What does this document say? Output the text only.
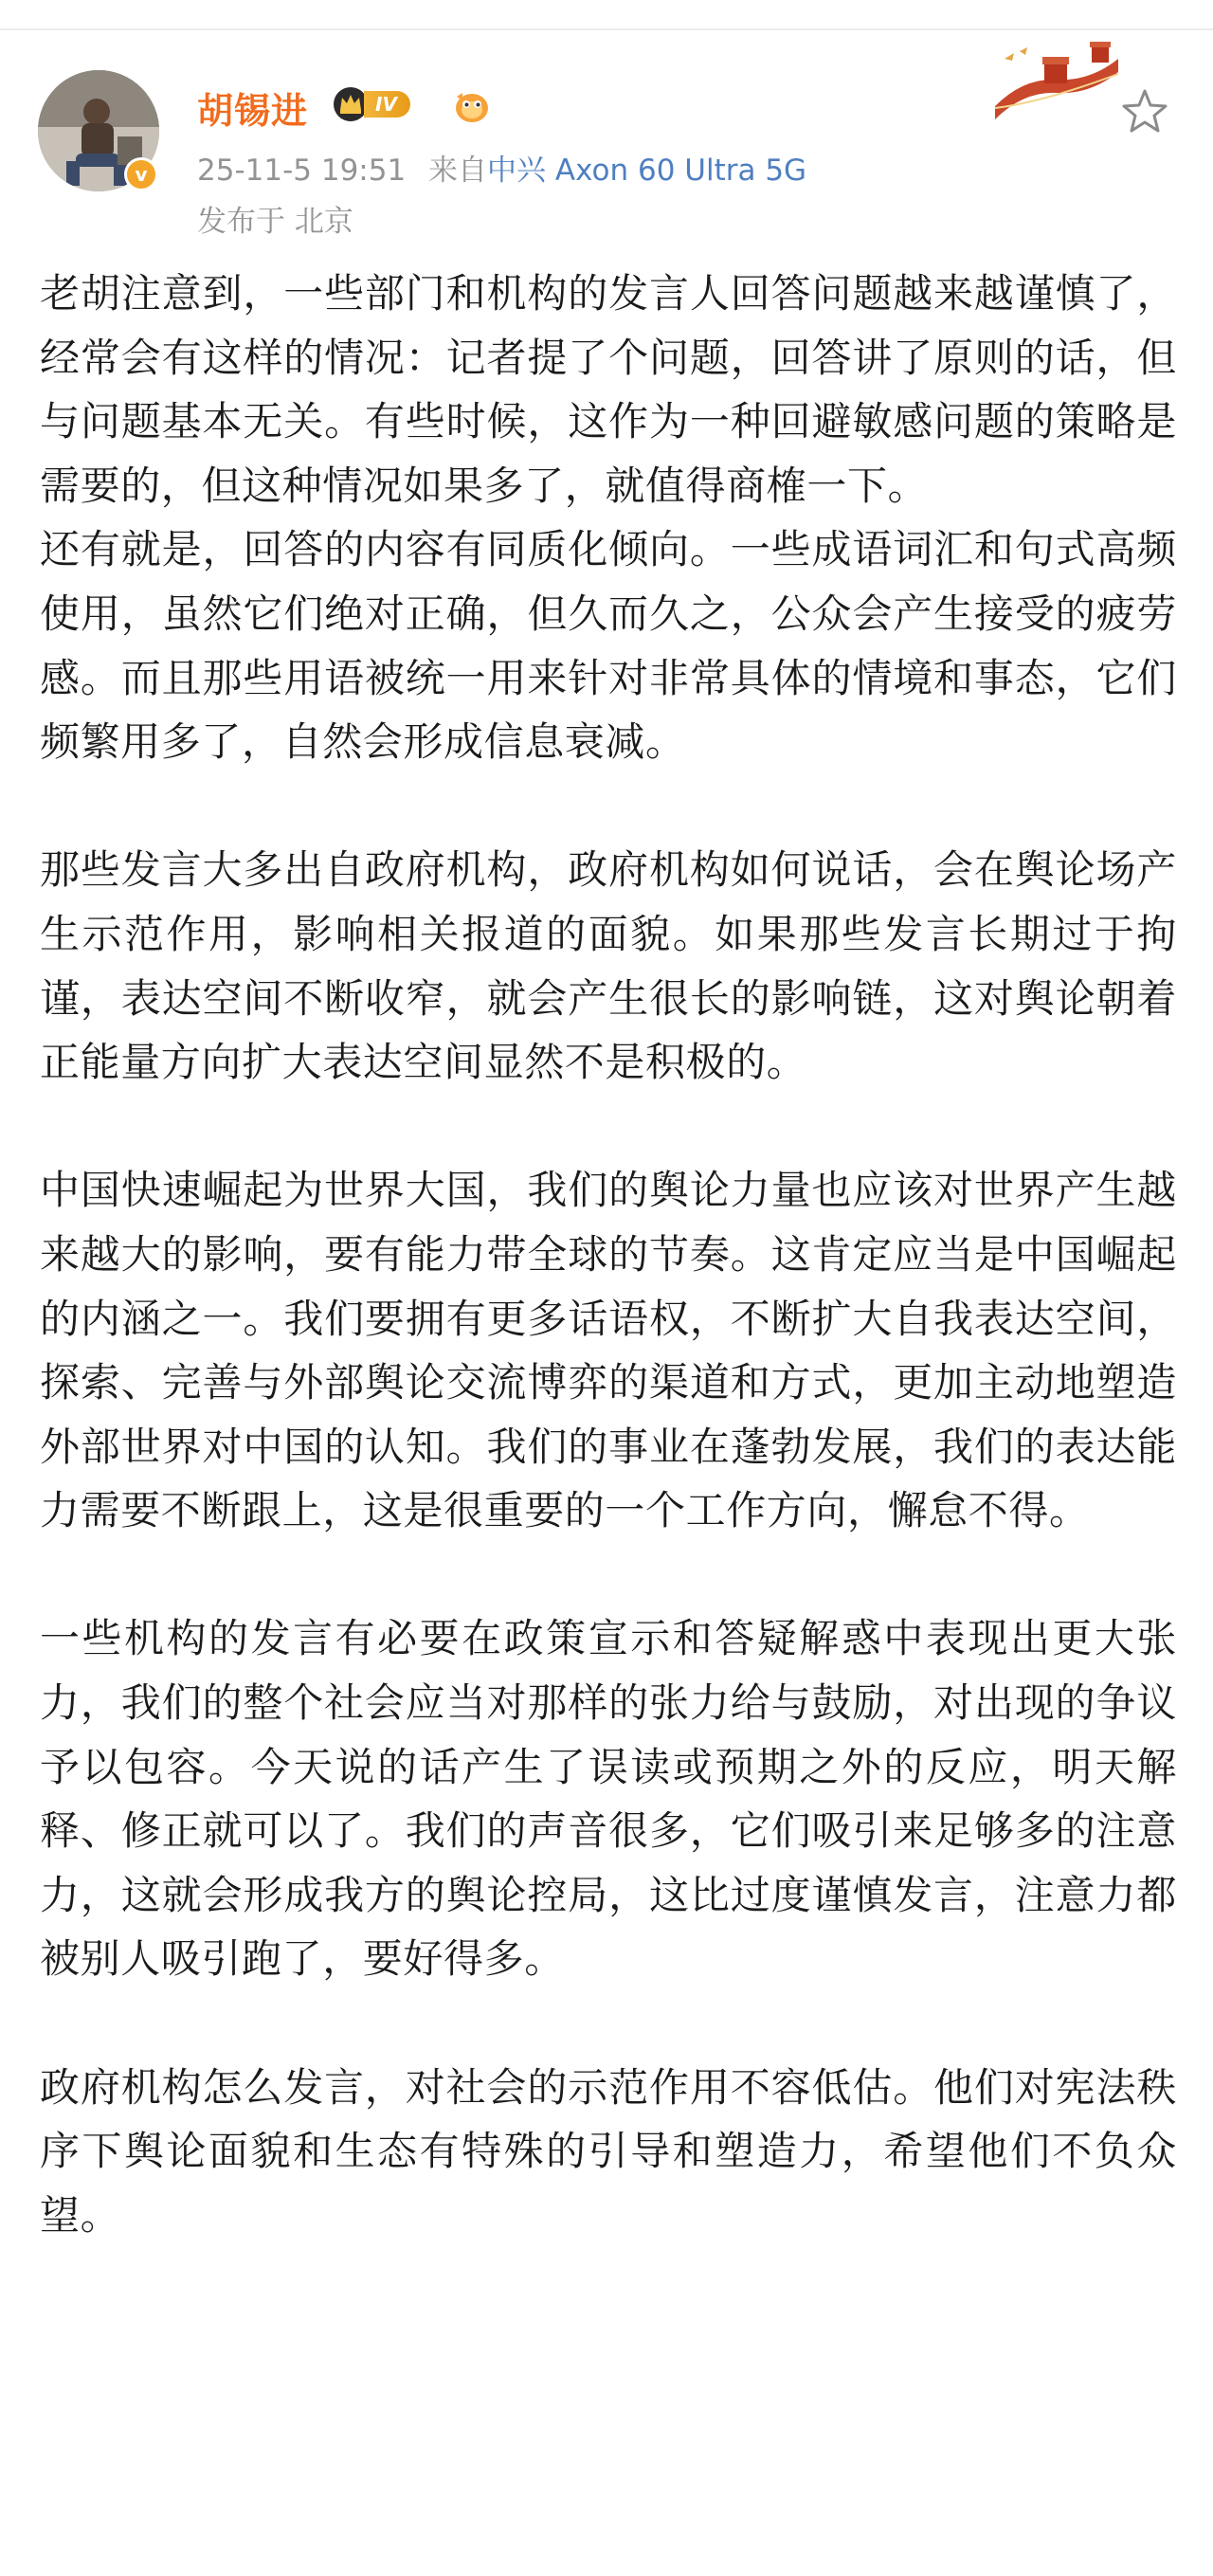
v
胡锡进	IV
25-11-5 19:51 来自中兴 Axon 60 Ultra 5G
发布于 北京

老胡注意到，一些部门和机构的发言人回答问题越来越谨慎了，经常会有这样的情况：记者提了个问题，回答讲了原则的话，但与问题基本无关。有些时候，这作为一种回避敏感问题的策略是需要的，但这种情况如果多了，就值得商榷一下。

还有就是，回答的内容有同质化倾向。一些成语词汇和句式高频使用，虽然它们绝对正确，但久而久之，公众会产生接受的疲劳感。而且那些用语被统一用来针对非常具体的情境和事态，它们频繁用多了，自然会形成信息衰减。

那些发言大多出自政府机构，政府机构如何说话，会在舆论场产生示范作用，影响相关报道的面貌。如果那些发言长期过于拘谨，表达空间不断收窄，就会产生很长的影响链，这对舆论朝着正能量方向扩大表达空间显然不是积极的。

中国快速崛起为世界大国，我们的舆论力量也应该对世界产生越来越大的影响，要有能力带全球的节奏。这肯定应当是中国崛起的内涵之一。我们要拥有更多话语权，不断扩大自我表达空间，探索、完善与外部舆论交流博弈的渠道和方式，更加主动地塑造外部世界对中国的认知。我们的事业在蓬勃发展，我们的表达能力需要不断跟上，这是很重要的一个工作方向，懈怠不得。

一些机构的发言有必要在政策宣示和答疑解惑中表现出更大张力，我们的整个社会应当对那样的张力给与鼓励，对出现的争议予以包容。今天说的话产生了误读或预期之外的反应，明天解释、修正就可以了。我们的声音很多，它们吸引来足够多的注意力，这就会形成我方的舆论控局，这比过度谨慎发言，注意力都被别人吸引跑了，要好得多。

政府机构怎么发言，对社会的示范作用不容低估。他们对宪法秩序下舆论面貌和生态有特殊的引导和塑造力，希望他们不负众望。
